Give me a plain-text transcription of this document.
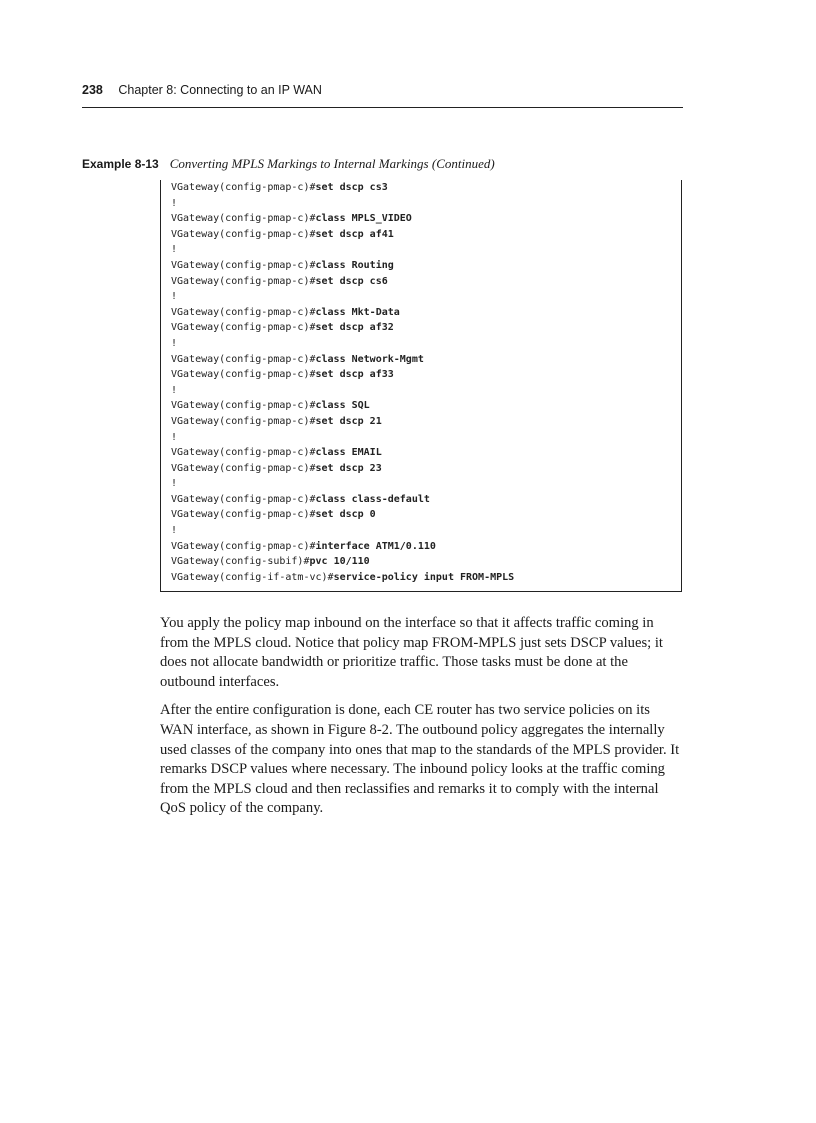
238 Chapter 8: Connecting to an IP WAN
Example 8-13 Converting MPLS Markings to Internal Markings (Continued)
VGateway(config-pmap-c)#set dscp cs3
!
VGateway(config-pmap-c)#class MPLS_VIDEO
VGateway(config-pmap-c)#set dscp af41
!
VGateway(config-pmap-c)#class Routing
VGateway(config-pmap-c)#set dscp cs6
!
VGateway(config-pmap-c)#class Mkt-Data
VGateway(config-pmap-c)#set dscp af32
!
VGateway(config-pmap-c)#class Network-Mgmt
VGateway(config-pmap-c)#set dscp af33
!
VGateway(config-pmap-c)#class SQL
VGateway(config-pmap-c)#set dscp 21
!
VGateway(config-pmap-c)#class EMAIL
VGateway(config-pmap-c)#set dscp 23
!
VGateway(config-pmap-c)#class class-default
VGateway(config-pmap-c)#set dscp 0
!
VGateway(config-pmap-c)#interface ATM1/0.110
VGateway(config-subif)#pvc 10/110
VGateway(config-if-atm-vc)#service-policy input FROM-MPLS

You apply the policy map inbound on the interface so that it affects traffic coming in from the MPLS cloud. Notice that policy map FROM-MPLS just sets DSCP values; it does not allocate bandwidth or prioritize traffic. Those tasks must be done at the outbound interfaces.

After the entire configuration is done, each CE router has two service policies on its WAN interface, as shown in Figure 8-2. The outbound policy aggregates the internally used classes of the company into ones that map to the standards of the MPLS provider. It remarks DSCP values where necessary. The inbound policy looks at the traffic coming from the MPLS cloud and then reclassifies and remarks it to comply with the internal QoS policy of the company.
